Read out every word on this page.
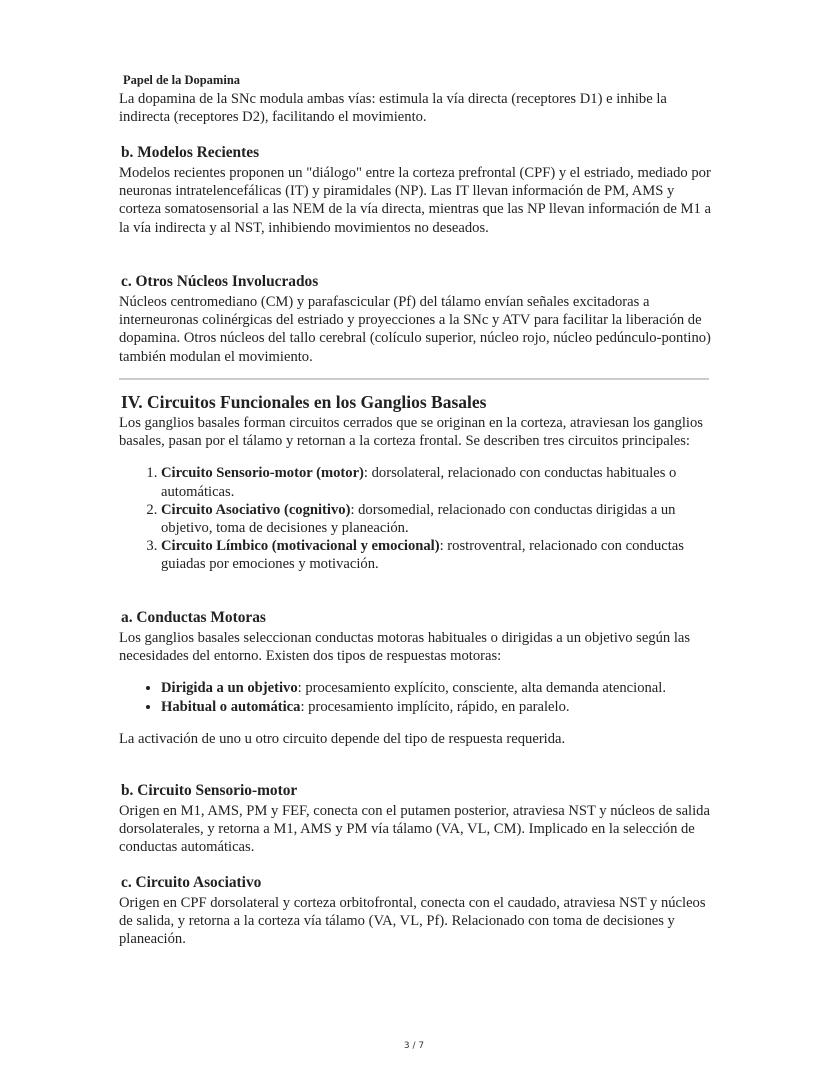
Papel de la Dopamina

La dopamina de la SNc modula ambas vías: estimula la vía directa (receptores D1) e inhibe la indirecta (receptores D2), facilitando el movimiento.

b. Modelos Recientes

Modelos recientes proponen un "diálogo" entre la corteza prefrontal (CPF) y el estriado, mediado por neuronas intratelencefálicas (IT) y piramidales (NP). Las IT llevan información de PM, AMS y corteza somatosensorial a las NEM de la vía directa, mientras que las NP llevan información de M1 a la vía indirecta y al NST, inhibiendo movimientos no deseados.

c. Otros Núcleos Involucrados

Núcleos centromediano (CM) y parafascicular (Pf) del tálamo envían señales excitadoras a interneuronas colinérgicas del estriado y proyecciones a la SNc y ATV para facilitar la liberación de dopamina. Otros núcleos del tallo cerebral (colículo superior, núcleo rojo, núcleo pedúnculo-pontino) también modulan el movimiento.

IV. Circuitos Funcionales en los Ganglios Basales

Los ganglios basales forman circuitos cerrados que se originan en la corteza, atraviesan los ganglios basales, pasan por el tálamo y retornan a la corteza frontal. Se describen tres circuitos principales:

1. Circuito Sensorio-motor (motor): dorsolateral, relacionado con conductas habituales o automáticas.
2. Circuito Asociativo (cognitivo): dorsomedial, relacionado con conductas dirigidas a un objetivo, toma de decisiones y planeación.
3. Circuito Límbico (motivacional y emocional): rostroventral, relacionado con conductas guiadas por emociones y motivación.
a. Conductas Motoras

Los ganglios basales seleccionan conductas motoras habituales o dirigidas a un objetivo según las necesidades del entorno. Existen dos tipos de respuestas motoras:

• Dirigida a un objetivo: procesamiento explícito, consciente, alta demanda atencional.
• Habitual o automática: procesamiento implícito, rápido, en paralelo.

La activación de uno u otro circuito depende del tipo de respuesta requerida.

b. Circuito Sensorio-motor

Origen en M1, AMS, PM y FEF, conecta con el putamen posterior, atraviesa NST y núcleos de salida dorsolaterales, y retorna a M1, AMS y PM vía tálamo (VA, VL, CM). Implicado en la selección de conductas automáticas.

c. Circuito Asociativo

Origen en CPF dorsolateral y corteza orbitofrontal, conecta con el caudado, atraviesa NST y núcleos de salida, y retorna a la corteza vía tálamo (VA, VL, Pf). Relacionado con toma de decisiones y planeación.

3 / 7
